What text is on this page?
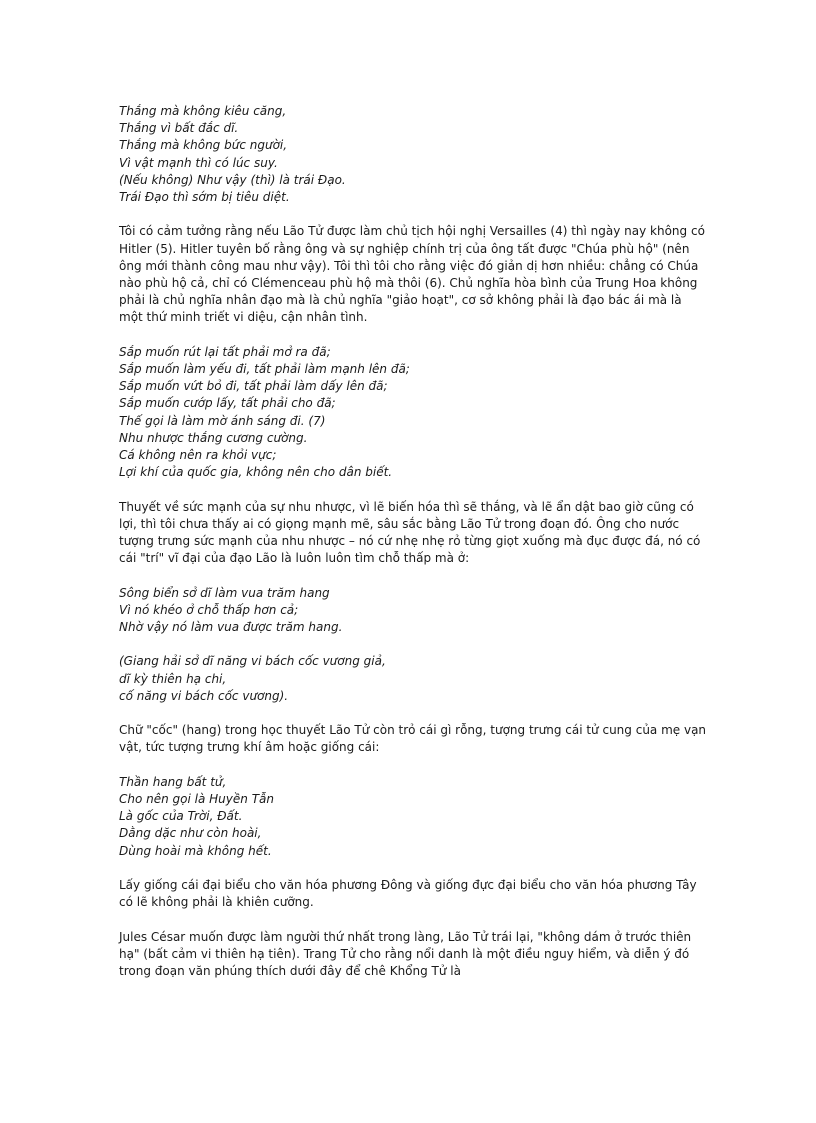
Thắng mà không kiêu căng,
Thắng vì bất đắc dĩ.
Thắng mà không bức người,
Vì vật mạnh thì có lúc suy.
(Nếu không) Như vậy (thì) là trái Đạo.
Trái Đạo thì sớm bị tiêu diệt.
Tôi có cảm tưởng rằng nếu Lão Tử được làm chủ tịch hội nghị Versailles (4) thì ngày nay không có Hitler (5). Hitler tuyên bố rằng ông và sự nghiệp chính trị của ông tất được "Chúa phù hộ" (nên ông mới thành công mau như vậy). Tôi thì tôi cho rằng việc đó giản dị hơn nhiều: chẳng có Chúa nào phù hộ cả, chỉ có Clémenceau phù hộ mà thôi (6). Chủ nghĩa hòa bình của Trung Hoa không phải là chủ nghĩa nhân đạo mà là chủ nghĩa "giảo hoạt", cơ sở không phải là đạo bác ái mà là một thứ minh triết vi diệu, cận nhân tình.
Sắp muốn rút lại tất phải mở ra đã;
Sắp muốn làm yếu đi, tất phải làm mạnh lên đã;
Sắp muốn vứt bỏ đi, tất phải làm dấy lên đã;
Sắp muốn cướp lấy, tất phải cho đã;
Thế gọi là làm mờ ánh sáng đi. (7)
Nhu nhược thắng cương cường.
Cá không nên ra khỏi vực;
Lợi khí của quốc gia, không nên cho dân biết.
Thuyết về sức mạnh của sự nhu nhược, vì lẽ biến hóa thì sẽ thắng, và lẽ ẩn dật bao giờ cũng có lợi, thì tôi chưa thấy ai có giọng mạnh mẽ, sâu sắc bằng Lão Tử trong đoạn đó. Ông cho nước tượng trưng sức mạnh của nhu nhược – nó cứ nhẹ nhẹ rỏ từng giọt xuống mà đục được đá, nó có cái "trí" vĩ đại của đạo Lão là luôn luôn tìm chỗ thấp mà ở:
Sông biển sở dĩ làm vua trăm hang
Vì nó khéo ở chỗ thấp hơn cả;
Nhờ vậy nó làm vua được trăm hang.
(Giang hải sở dĩ năng vi bách cốc vương giả,
dĩ kỳ thiên hạ chi,
cố năng vi bách cốc vương).
Chữ "cốc" (hang) trong học thuyết Lão Tử còn trỏ cái gì rỗng, tượng trưng cái tử cung của mẹ vạn vật, tức tượng trưng khí âm hoặc giống cái:
Thần hang bất tử,
Cho nên gọi là Huyền Tẫn
Là gốc của Trời, Đất.
Dằng dặc như còn hoài,
Dùng hoài mà không hết.
Lấy giống cái đại biểu cho văn hóa phương Đông và giống đực đại biểu cho văn hóa phương Tây có lẽ không phải là khiên cưỡng.
Jules César muốn được làm người thứ nhất trong làng, Lão Tử trái lại, "không dám ở trước thiên hạ" (bất cảm vi thiên hạ tiên). Trang Tử cho rằng nổi danh là một điều nguy hiểm, và diễn ý đó trong đoạn văn phúng thích dưới đây để chê Khổng Tử là
